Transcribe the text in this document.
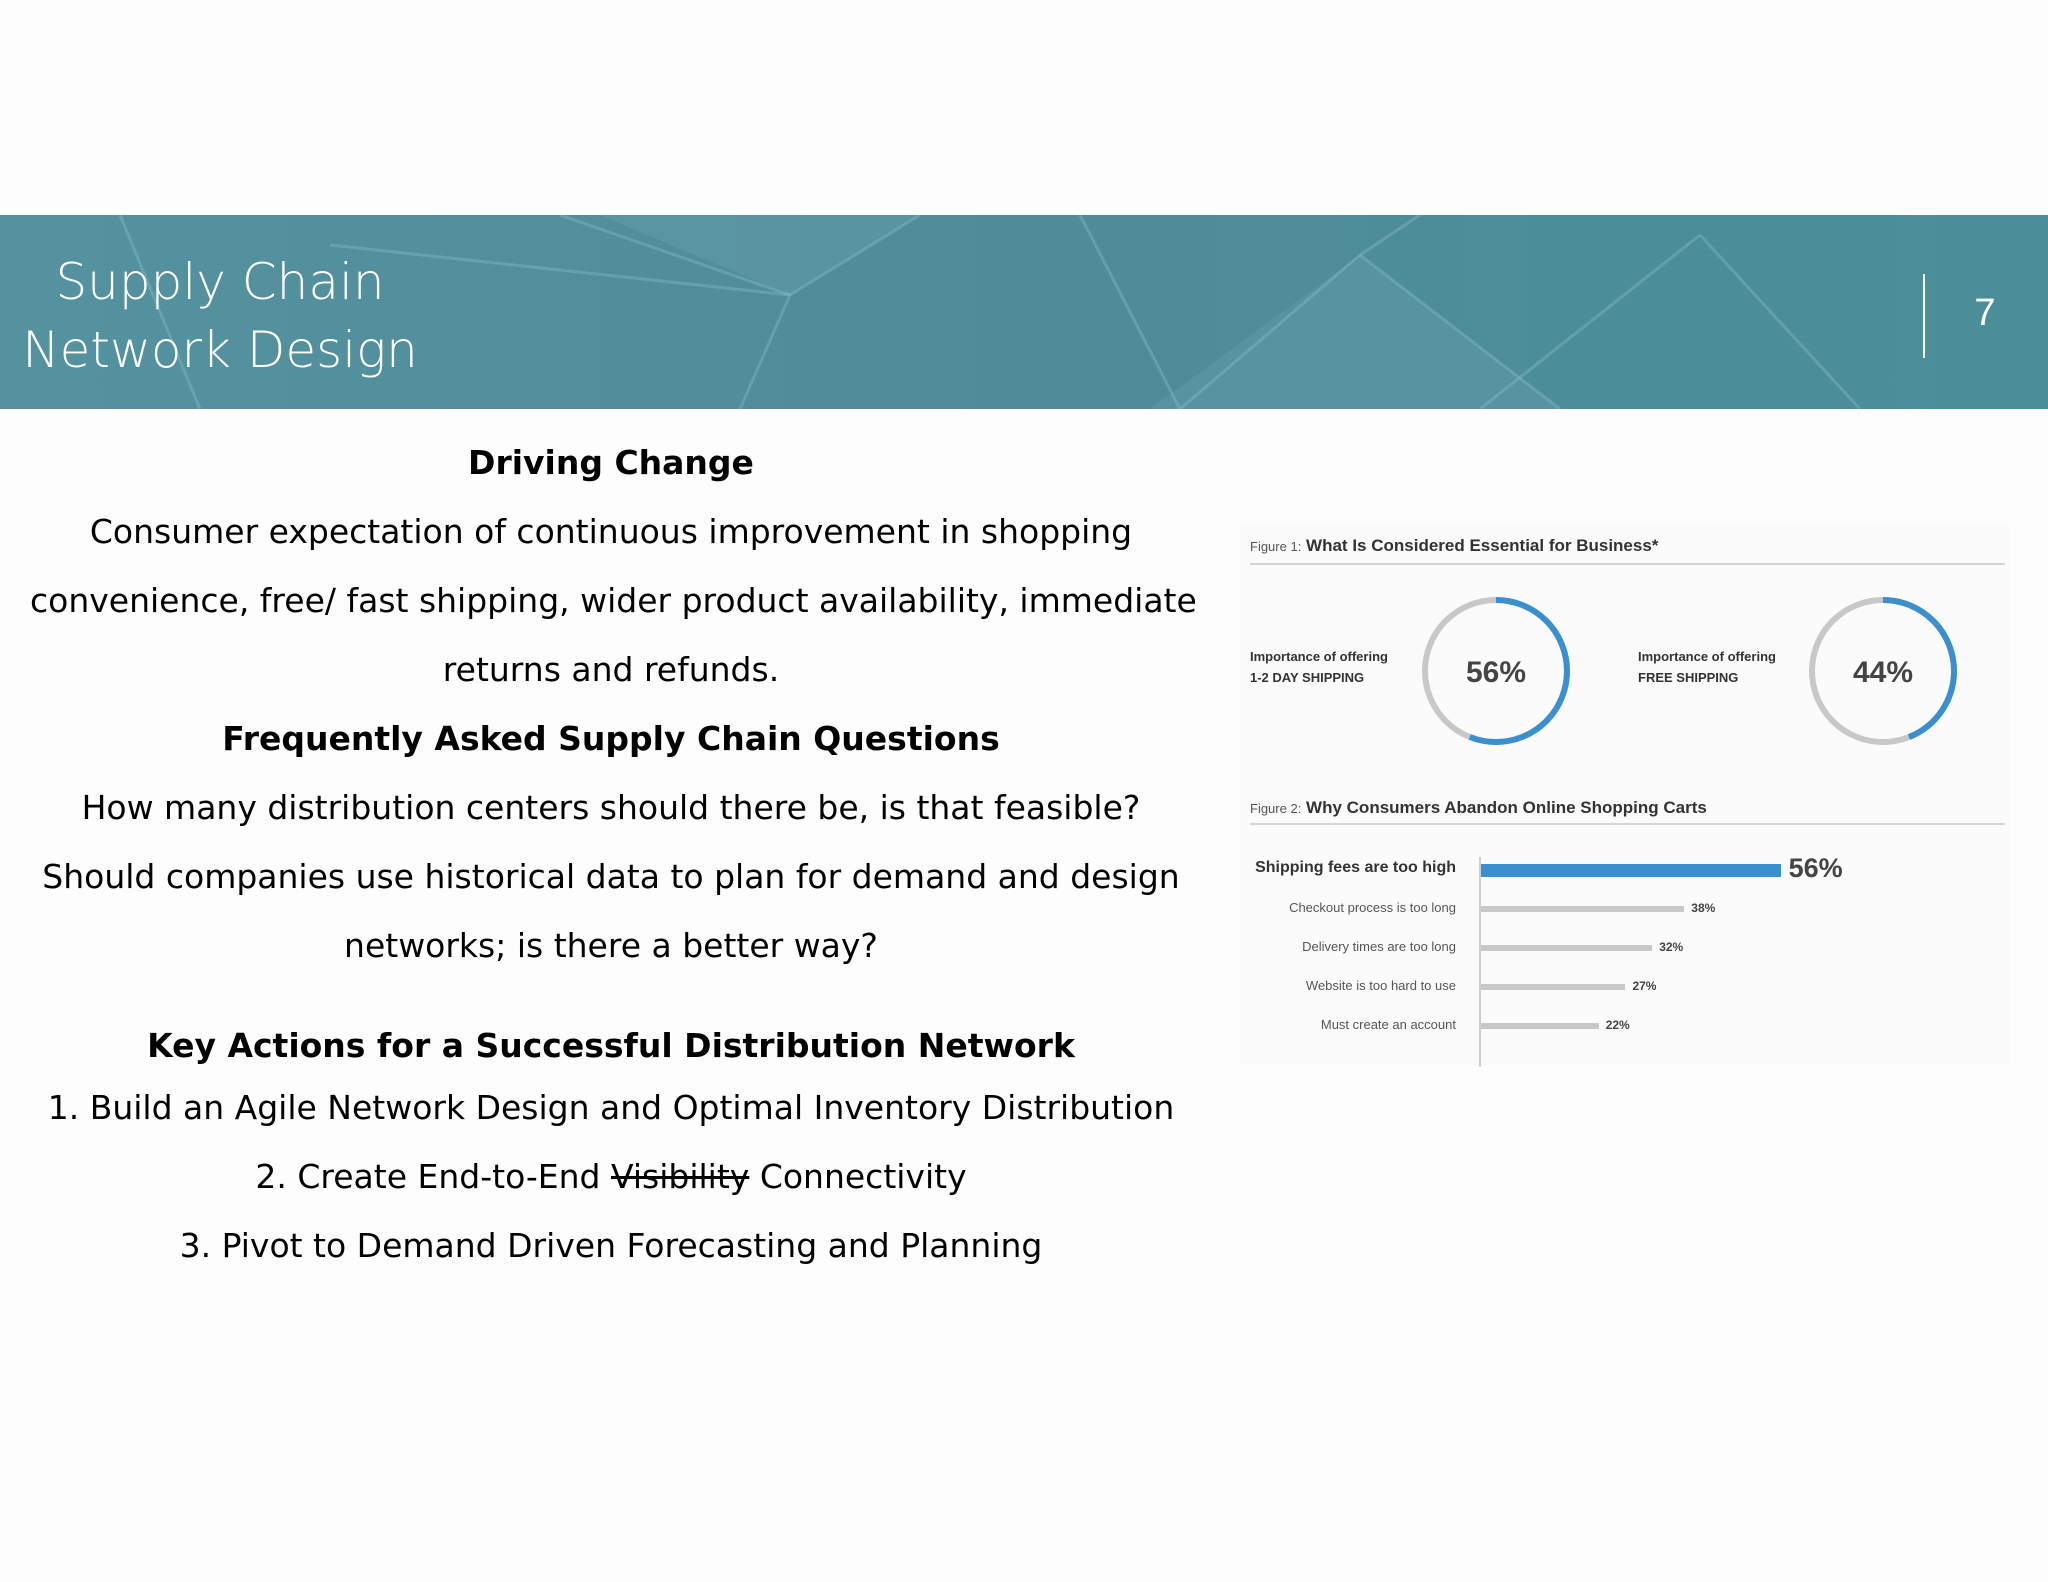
Supply Chain
Network Design
7
Driving Change
Consumer expectation of continuous improvement in shopping
convenience, free/ fast shipping, wider product availability, immediate
returns and refunds.
Frequently Asked Supply Chain Questions
How many distribution centers should there be, is that feasible?
Should companies use historical data to plan for demand and design
networks; is there a better way?
Key Actions for a Successful Distribution Network
1. Build an Agile Network Design and Optimal Inventory Distribution
2. Create End-to-End Visibility Connectivity
3. Pivot to Demand Driven Forecasting and Planning
Figure 1: What Is Considered Essential for Business*
Importance of offering
1-2 DAY SHIPPING	56%	Importance of offering
FREE SHIPPING	44%
Figure 2: Why Consumers Abandon Online Shopping Carts
Shipping fees are too high	56%
Checkout process is too long	38%
Delivery times are too long	32%
Website is too hard to use	27%
Must create an account	22%
